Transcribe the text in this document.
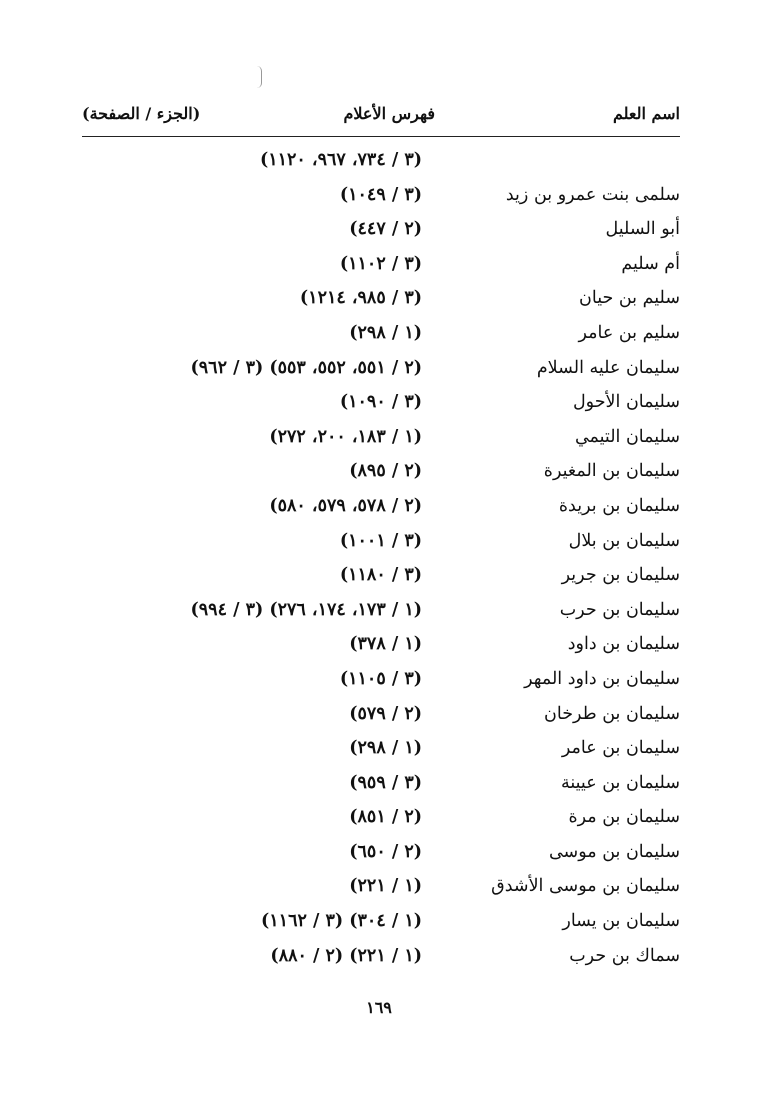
اسم العلم
فهرس الأعلام
(الجزء / الصفحة)
(٣ / ٧٣٤، ٩٦٧، ١١٢٠)
سلمى بنت عمرو بن زيد
(٣ / ١٠٤٩)
أبو السليل
(٢ / ٤٤٧)
أم سليم
(٣ / ١١٠٢)
سليم بن حيان
(٣ / ٩٨٥، ١٢١٤)
سليم بن عامر
(١ / ٢٩٨)
سليمان عليه السلام
(٢ / ٥٥١، ٥٥٢، ٥٥٣) (٣ / ٩٦٢)
سليمان الأحول
(٣ / ١٠٩٠)
سليمان التيمي
(١ / ١٨٣، ٢٠٠، ٢٧٢)
سليمان بن المغيرة
(٢ / ٨٩٥)
سليمان بن بريدة
(٢ / ٥٧٨، ٥٧٩، ٥٨٠)
سليمان بن بلال
(٣ / ١٠٠١)
سليمان بن جرير
(٣ / ١١٨٠)
سليمان بن حرب
(١ / ١٧٣، ١٧٤، ٢٧٦) (٣ / ٩٩٤)
سليمان بن داود
(١ / ٣٧٨)
سليمان بن داود المهر
(٣ / ١١٠٥)
سليمان بن طرخان
(٢ / ٥٧٩)
سليمان بن عامر
(١ / ٢٩٨)
سليمان بن عيينة
(٣ / ٩٥٩)
سليمان بن مرة
(٢ / ٨٥١)
سليمان بن موسى
(٢ / ٦٥٠)
سليمان بن موسى الأشدق
(١ / ٢٢١)
سليمان بن يسار
(١ / ٣٠٤) (٣ / ١١٦٢)
سماك بن حرب
(١ / ٢٢١) (٢ / ٨٨٠)
١٦٩
